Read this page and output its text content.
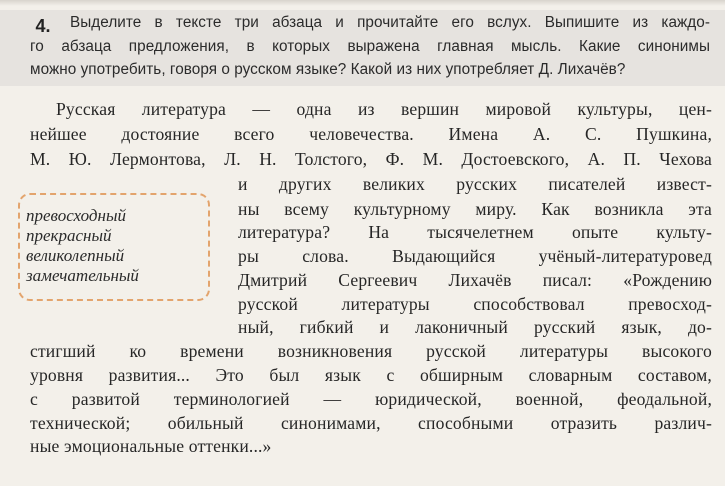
4.	Выделите в тексте три абзаца и прочитайте его вслух. Выпишите из каждо-
го абзаца предложения, в которых выражена главная мысль. Какие синонимы
можно употребить, говоря о русском языке? Какой из них употребляет Д. Лихачёв?
Русская литература — одна из вершин мировой культуры, цен-
нейшее достояние всего человечества. Имена А. С. Пушкина,
М. Ю. Лермонтова, Л. Н. Толстого, Ф. М. Достоевского, А. П. Чехова
и других великих русских писателей извест-
ны всему культурному миру. Как возникла эта
литература? На тысячелетнем опыте культу-
ры слова. Выдающийся учёный-литературовед
Дмитрий Сергеевич Лихачёв писал: «Рождению
русской литературы способствовал превосход-
ный, гибкий и лаконичный русский язык, до-
стигший ко времени возникновения русской литературы высокого
уровня развития... Это был язык с обширным словарным составом,
с развитой терминологией — юридической, военной, феодальной,
технической; обильный синонимами, способными отразить различ-
ные эмоциональные оттенки...»
превосходный
прекрасный
великолепный
замечательный
